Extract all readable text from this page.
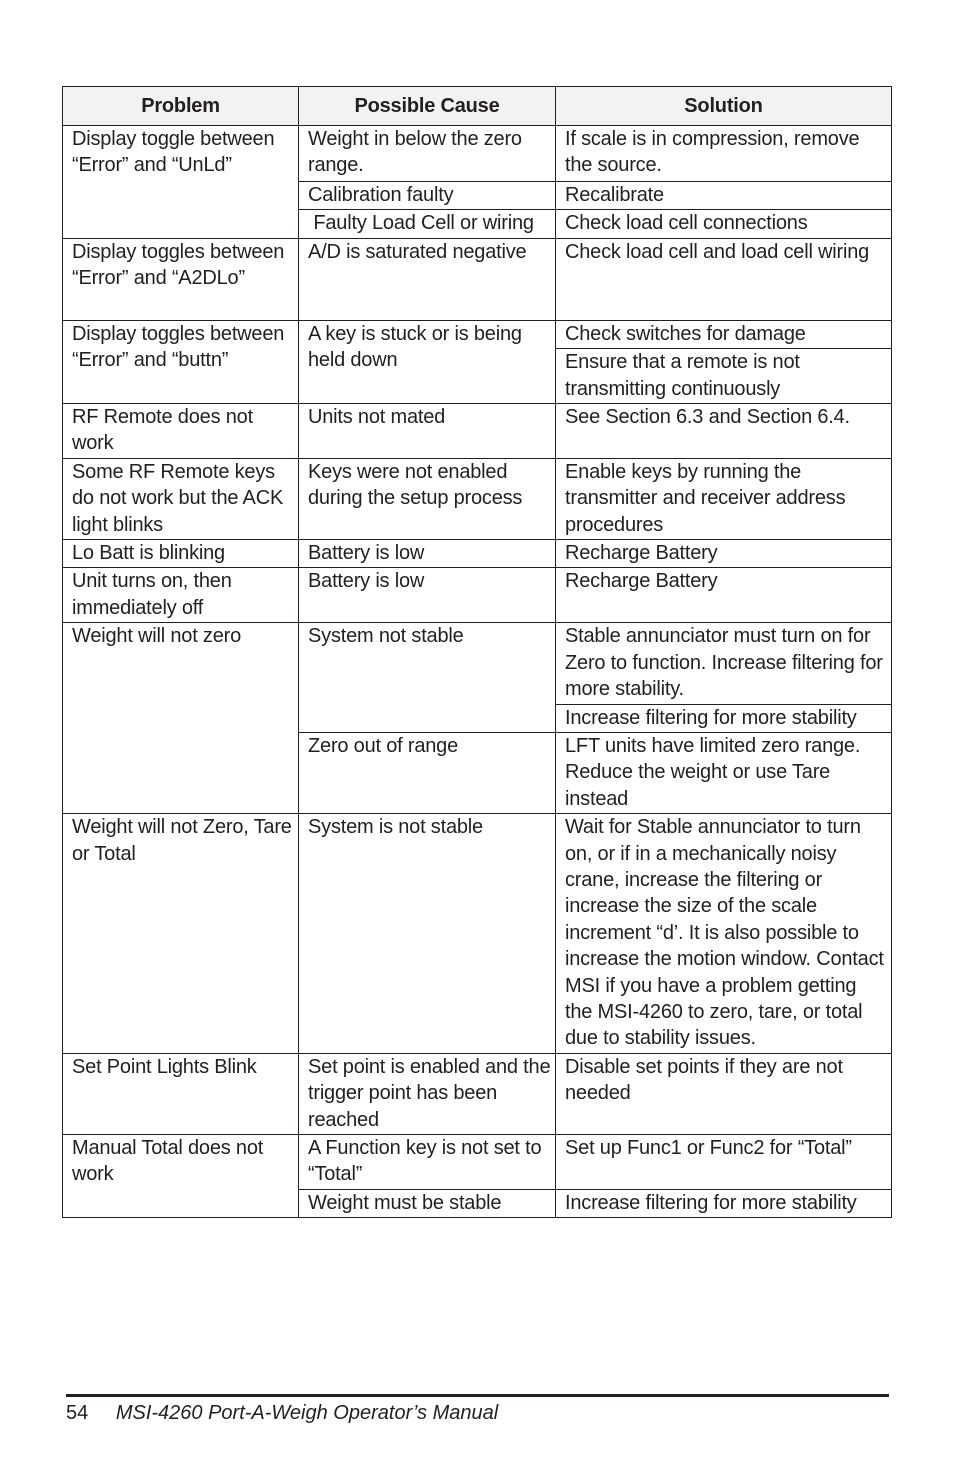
Problem	Possible Cause	Solution
Display toggle between “Error” and “UnLd”	Weight in below the zero range.	If scale is in compression, remove the source.
	Calibration faulty	Recalibrate
	Faulty Load Cell or wiring	Check load cell connections
Display toggles between “Error” and “A2DLo”	A/D is saturated negative	Check load cell and load cell wiring
Display toggles between “Error” and “buttn”	A key is stuck or is being held down	Check switches for damage
		Ensure that a remote is not transmitting continuously
RF Remote does not work	Units not mated	See Section 6.3 and Section 6.4.
Some RF Remote keys do not work but the ACK light blinks	Keys were not enabled during the setup process	Enable keys by running the transmitter and receiver address procedures
Lo Batt is blinking	Battery is low	Recharge Battery
Unit turns on, then immediately off	Battery is low	Recharge Battery
Weight will not zero	System not stable	Stable annunciator must turn on for Zero to function. Increase filtering for more stability.
		Increase filtering for more stability
	Zero out of range	LFT units have limited zero range. Reduce the weight or use Tare instead
Weight will not Zero, Tare or Total	System is not stable	Wait for Stable annunciator to turn on, or if in a mechanically noisy crane, increase the filtering or increase the size of the scale increment “d’. It is also possible to increase the motion window. Contact MSI if you have a problem getting the MSI-4260 to zero, tare, or total due to stability issues.
Set Point Lights Blink	Set point is enabled and the trigger point has been reached	Disable set points if they are not needed
Manual Total does not work	A Function key is not set to “Total”	Set up Func1 or Func2 for “Total”
	Weight must be stable	Increase filtering for more stability
54 MSI-4260 Port-A-Weigh Operator’s Manual
